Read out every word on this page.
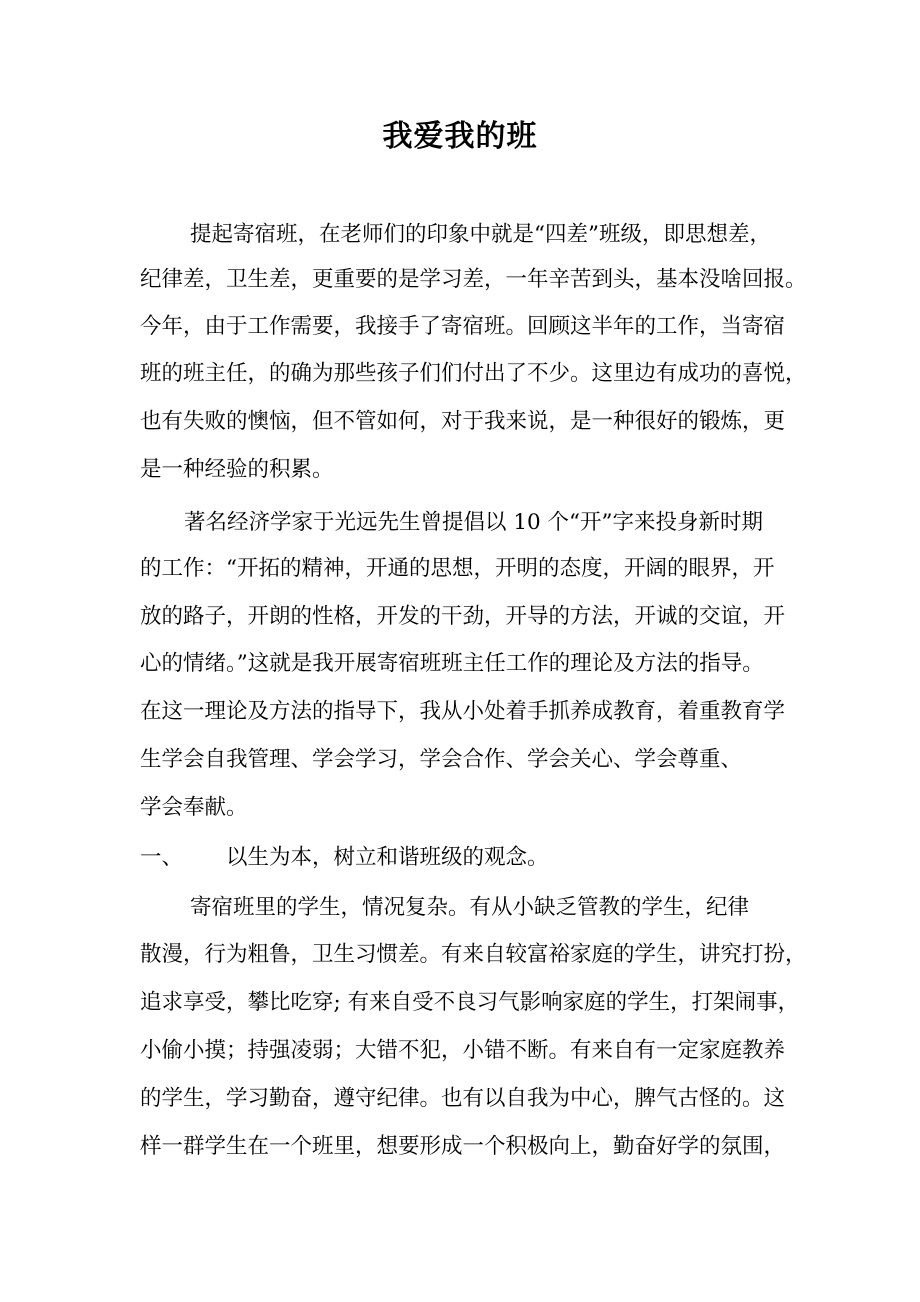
我爱我的班
提起寄宿班，在老师们的印象中就是“四差”班级，即思想差，
纪律差，卫生差，更重要的是学习差，一年辛苦到头，基本没啥回报。
今年，由于工作需要，我接手了寄宿班。回顾这半年的工作，当寄宿
班的班主任，的确为那些孩子们们付出了不少。这里边有成功的喜悦，
也有失败的懊恼，但不管如何，对于我来说，是一种很好的锻炼，更
是一种经验的积累。
著名经济学家于光远先生曾提倡以 10 个“开”字来投身新时期
的工作：“开拓的精神，开通的思想，开明的态度，开阔的眼界，开
放的路子，开朗的性格，开发的干劲，开导的方法，开诚的交谊，开
心的情绪。”这就是我开展寄宿班班主任工作的理论及方法的指导。
在这一理论及方法的指导下，我从小处着手抓养成教育，着重教育学
生学会自我管理、学会学习，学会合作、学会关心、学会尊重、
学会奉献。
一、 以生为本，树立和谐班级的观念。
寄宿班里的学生，情况复杂。有从小缺乏管教的学生，纪律
散漫，行为粗鲁，卫生习惯差。有来自较富裕家庭的学生，讲究打扮，
追求享受，攀比吃穿; 有来自受不良习气影响家庭的学生，打架闹事，
小偷小摸；持强凌弱；大错不犯，小错不断。有来自有一定家庭教养
的学生，学习勤奋，遵守纪律。也有以自我为中心，脾气古怪的。这
样一群学生在一个班里，想要形成一个积极向上，勤奋好学的氛围，
